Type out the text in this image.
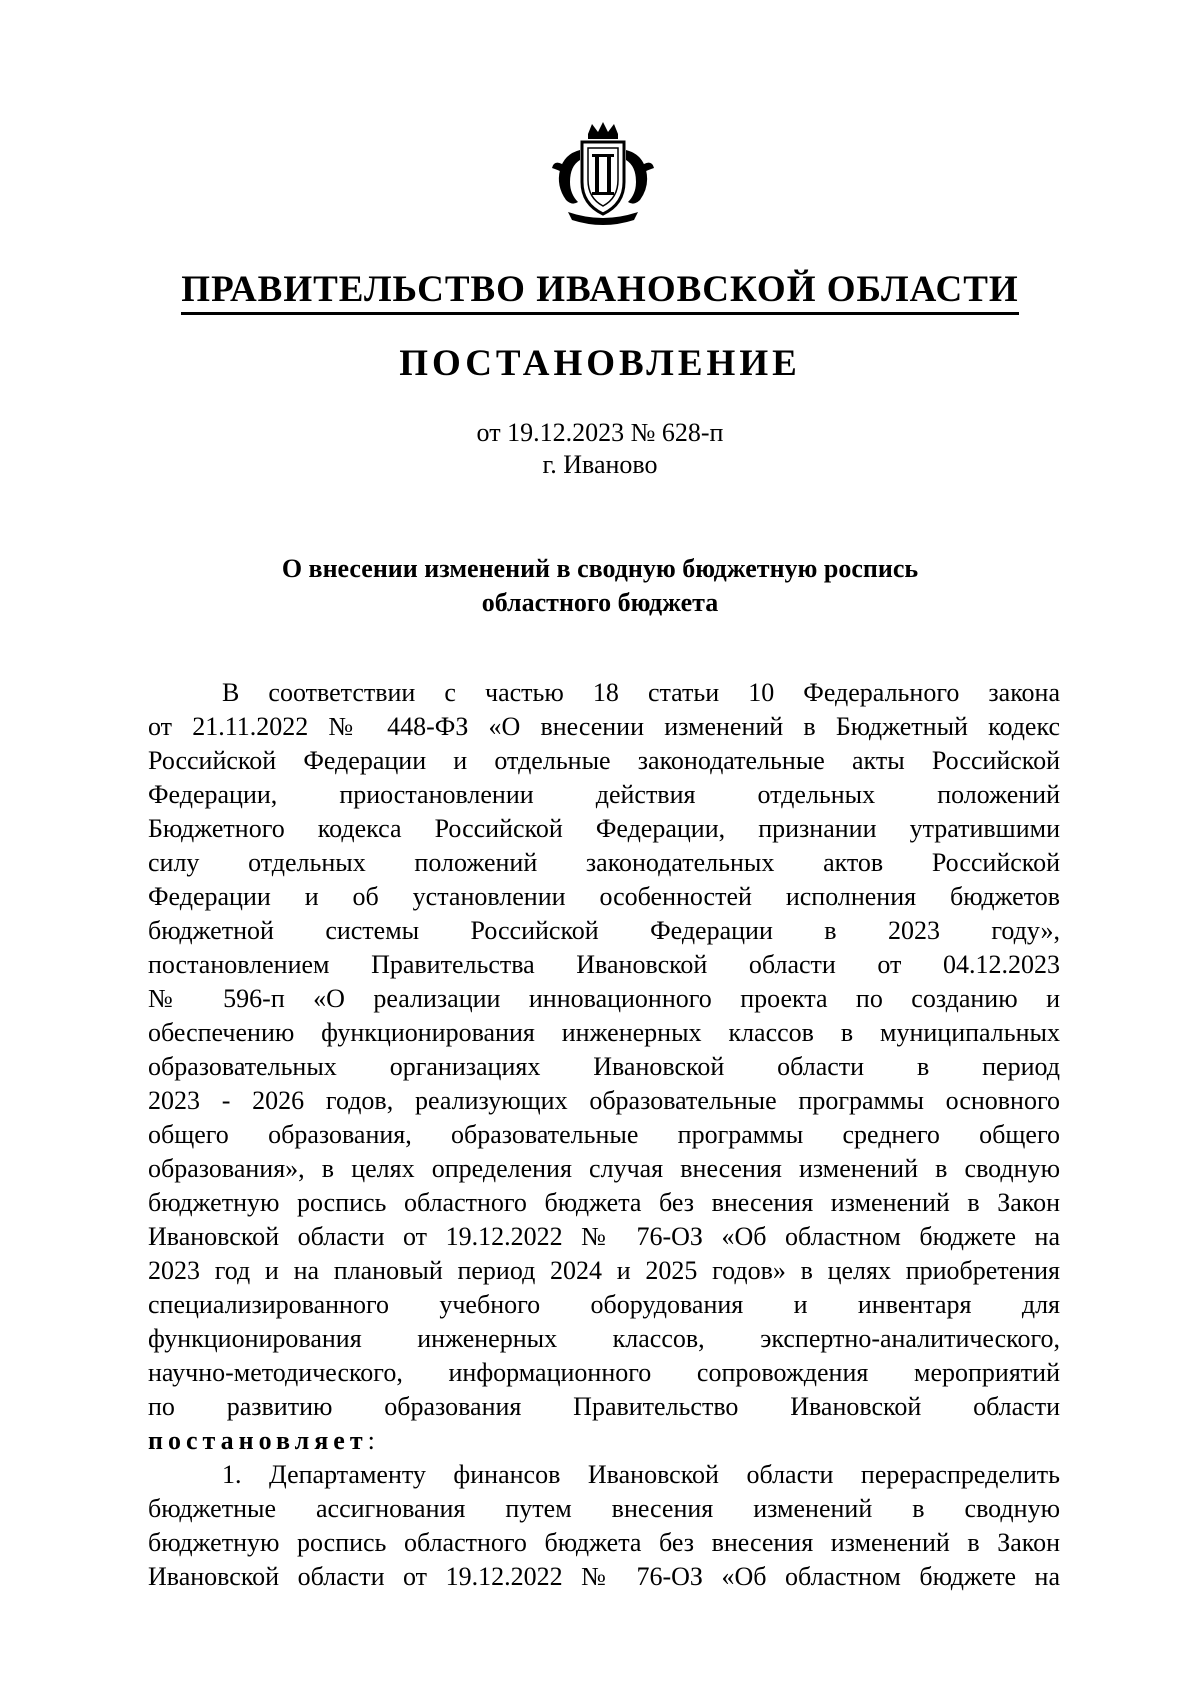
ПРАВИТЕЛЬСТВО ИВАНОВСКОЙ ОБЛАСТИ
ПОСТАНОВЛЕНИЕ
от 19.12.2023 № 628-п
г. Иваново
О внесении изменений в сводную бюджетную роспись
областного бюджета
В соответствии с частью 18 статьи 10 Федерального закона
от 21.11.2022 № 448-ФЗ «О внесении изменений в Бюджетный кодекс
Российской Федерации и отдельные законодательные акты Российской
Федерации, приостановлении действия отдельных положений
Бюджетного кодекса Российской Федерации, признании утратившими
силу отдельных положений законодательных актов Российской
Федерации и об установлении особенностей исполнения бюджетов
бюджетной системы Российской Федерации в 2023 году»,
постановлением Правительства Ивановской области от 04.12.2023
№ 596-п «О реализации инновационного проекта по созданию и
обеспечению функционирования инженерных классов в муниципальных
образовательных организациях Ивановской области в период
2023 - 2026 годов, реализующих образовательные программы основного
общего образования, образовательные программы среднего общего
образования», в целях определения случая внесения изменений в сводную
бюджетную роспись областного бюджета без внесения изменений в Закон
Ивановской области от 19.12.2022 № 76-ОЗ «Об областном бюджете на
2023 год и на плановый период 2024 и 2025 годов» в целях приобретения
специализированного учебного оборудования и инвентаря для
функционирования инженерных классов, экспертно-аналитического,
научно-методического, информационного сопровождения мероприятий
по развитию образования Правительство Ивановской области
постановляет:
1. Департаменту финансов Ивановской области перераспределить
бюджетные ассигнования путем внесения изменений в сводную
бюджетную роспись областного бюджета без внесения изменений в Закон
Ивановской области от 19.12.2022 № 76-ОЗ «Об областном бюджете на
